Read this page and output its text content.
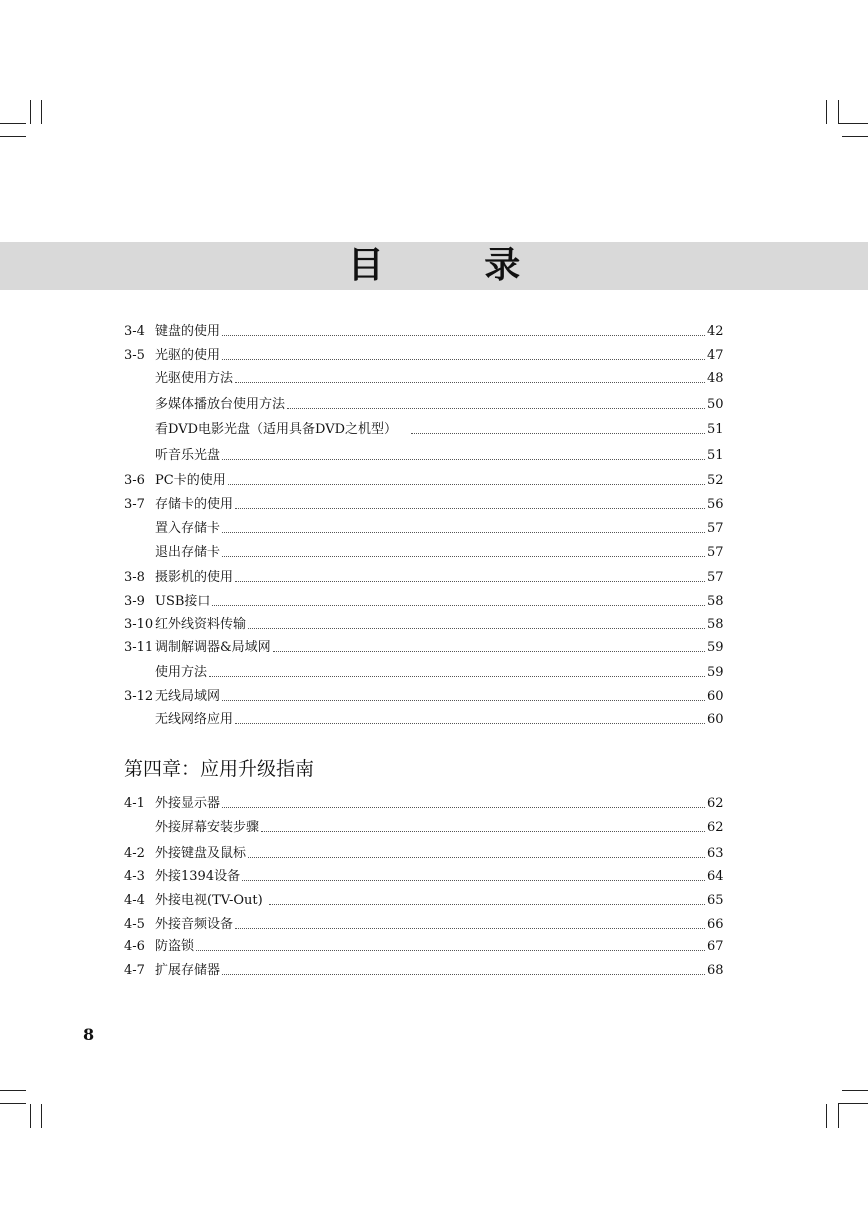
目 录
3-4 键盘的使用	42
3-5 光驱的使用	47
光驱使用方法	48
多媒体播放台使用方法	50
看DVD电影光盘（适用具备DVD之机型）	51
听音乐光盘	51
3-6 PC卡的使用	52
3-7 存储卡的使用	56
置入存储卡	57
退出存储卡	57
3-8 摄影机的使用	57
3-9 USB接口	58
3-10 红外线资料传输	58
3-11 调制解调器&局域网	59
使用方法	59
3-12 无线局域网	60
无线网络应用	60
第四章：应用升级指南
4-1 外接显示器	62
外接屏幕安装步骤	62
4-2 外接键盘及鼠标	63
4-3 外接1394设备	64
4-4 外接电视(TV-Out)	65
4-5 外接音频设备	66
4-6 防盗锁	67
4-7 扩展存储器	68
8
